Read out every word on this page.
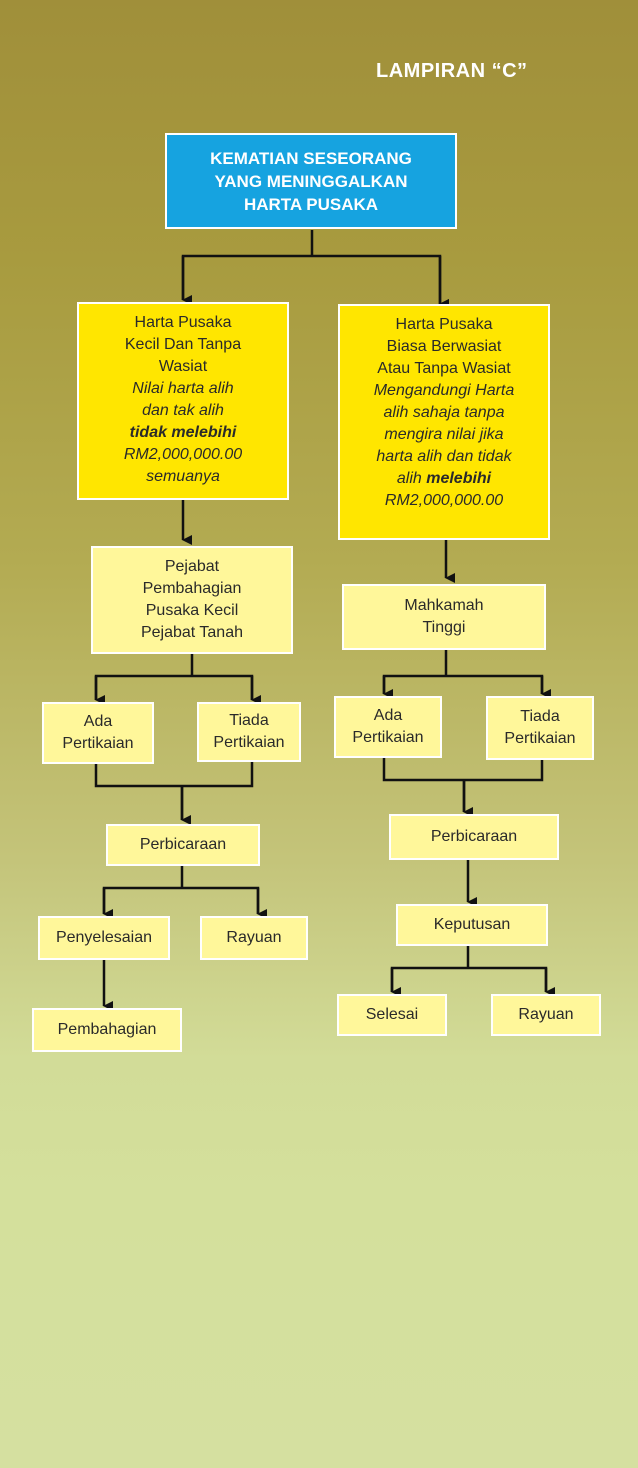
LAMPIRAN “C”
KEMATIAN SESEORANG
YANG MENINGGALKAN
HARTA PUSAKA
Harta Pusaka
Kecil Dan Tanpa
Wasiat
Nilai harta alih
dan tak alih
tidak melebihi
RM2,000,000.00
semuanya
Harta Pusaka
Biasa Berwasiat
Atau Tanpa Wasiat
Mengandungi Harta
alih sahaja tanpa
mengira nilai jika
harta alih dan tidak
alih melebihi
RM2,000,000.00
Pejabat
Pembahagian
Pusaka Kecil
Pejabat Tanah
Mahkamah
Tinggi
Ada
Pertikaian
Tiada
Pertikaian
Ada
Pertikaian
Tiada
Pertikaian
Perbicaraan	Perbicaraan
Penyelesaian	Rayuan
Keputusan
Selesai	Rayuan
Pembahagian
